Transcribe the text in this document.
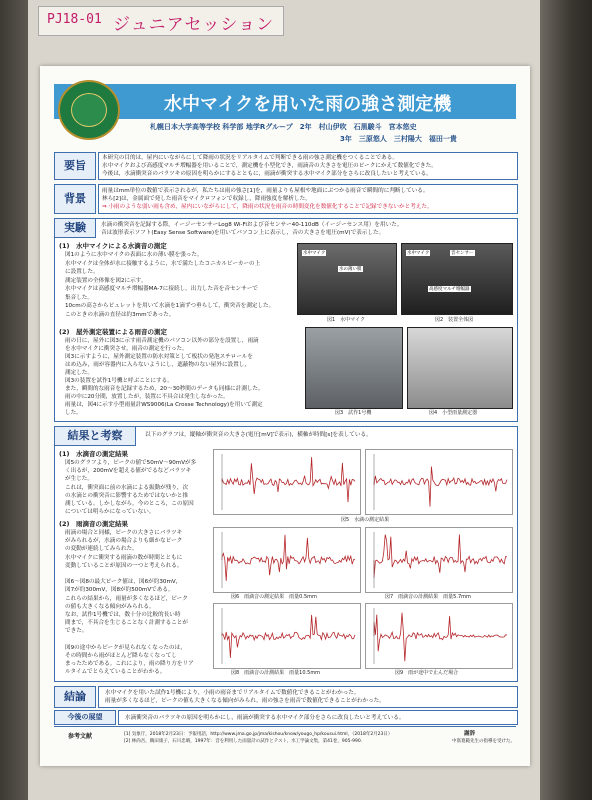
PJ18-01 ジュニアセッション
水中マイクを用いた雨の強さ測定機
札幌日本大学高等学校 科学部 地学Rグループ　2年　村山伊吹　石黒駿斗　宮本悠史
3年　三原悠人　三村陽大　福田一貴
要旨
本研究の目的は，屋内にいながらにして降雨の状況をリアルタイムで判断できる雨の強さ測定機をつくることである。
水中マイクおよび高感度マルチ増幅器を用いることで，測定機を小型化でき，雨滴音の大きさを電圧のピークにかえて数値化できた。
今後は，水滴衝突音のパラツキの原因を明らかにするとともに，雨滴が衝突する水中マイク部分をさらに改良したいと考えている。
背景
雨量はmm単位の数値で表示されるが，私たちは雨の強さ[1]を，雨量よりも屋根や地面にぶつかる雨音で瞬間的に判断している。
林ら[2]は，金属面で発した雨音をマイクロフォンで収録し，降雨強度を解析した。
⇒ 小雨のような弱い雨も含め，屋内にいながらにして，降雨の状況を雨音の時間変化を数値化することで記録できないかと考えた。
実験	水滴の衝突音を記録する際，イージーセンサーLog8 Wi-Fiおよび音センサー40-110dB（イージーセンス用）を用いた。
音は波形表示ソフト(Easy Sense Software)を用いてパソコン上に表示し，音の大きさを電圧(mV)で表示した。
(1)　水中マイクによる水滴音の測定
図1のように水中マイクの表面に水の薄い膜を張った。
水中マイクは全体が水に接触するように，水で満たしたコニカルビーカーの上
に設置した。
測定装置の全体像を図2に示す。
水中マイクは高感度マルチ増幅器MA-7に接続し，出力した音を音センサーで
集音した。
10cmの高さからピュレットを用いて水滴を1滴ずつ垂らして，衝突音を測定した。
このときの水滴の直径は約3mmであった。
(2)　屋外測定装置による雨音の測定
雨の日に，屋外に図3に示す雨音測定機のパソコン以外の部分を設置し，雨滴
を水中マイクに衝突させ，雨音の測定を行った。
図3に示すように，屋外測定装置の防水対策として板状の発泡スチロールを
はめ込み，雨が容器内に入らないようにし，遮蔽物のない屋外に設置し，
測定した。
図3の装置を試作1号機と呼ぶことにする。
また，瞬間的な雨音を記録するため，20〜30秒間のデータも同様に計測した。
雨の中に20分間，放置したが，装置に不具合は発生しなかった。
雨量は，図4に示す小型雨量計WS9006(La Crosse Technology)を用いて測定
した。
水中マイク
水の薄い膜
図1　水中マイク
水中マイク	音センサー
高感度マルチ増幅器
図2　装置全体図
図3　試作1号機	図4　小型雨量測定器
結果と考察	以下のグラフは，縦軸が衝突音の大きさ(電圧[mV]で表示)，横軸が時間[s]を表している。
(1)　水滴音の測定結果
図5のグラフより，ピークの値で50mV〜90mVが多
く出るが，200mVを超える値がでるなどバラツキ
が生じた。
これは，衝突面に前の水滴による振動が残り，次
の水滴との衝突音に影響するためではないかと推
測している。しかしながら，今のところ，この原因
については明らかになっていない。
(2)　雨滴音の測定結果
雨滴の場合と同様，ピークの大きさにバラツキ
がみられるが，水滴の場合よりも細かなピーク
の変動が連続してみられた。
水中マイクに衝突する雨滴の数が時間とともに
変動していることが原因の一つと考えられる。
図6〜図8の最大ピーク値は，図6が約30mV，
図7が約300mV，図8が約500mVである。
これらの結果から，雨量が多くなるほど，ピーク
の値も大きくなる傾向がみられる。
なお，試作1号機では，数十分の比較的長い時
間まで，不具合を生じることなく計測することが
できた。
図9の途中からピークが見られなくなったのは，
その時間から雨がほとんど降らなくなってし
まったためである。これにより，雨の降り方をリア
ルタイムでとらえていることがわかる。
図5　水滴の測定結果
図6　雨滴音の測定結果　雨量0.5mm	図7　雨滴音の計測結果　雨量5.7mm
図8　雨滴音の計測結果　雨量10.5mm	図9　雨が途中で止んだ場合
結論	水中マイクを用いた試作1号機により，小雨の雨音までリアルタイムで数値化できることがわかった。
雨量が多くなるほど，ピークの値も大きくなる傾向がみられ，雨の強さを雨音で数値化できることがわかった。
今後の展望	水滴衝突音のバラツキの原因を明らかにし，雨滴が衝突する水中マイク部分をさらに改良したいと考えている。
参考文献	[1] 気象庁，2018年2月23日：予報用語，http://www.jma.go.jp/jma/kishou/know/yougo_hp/kousui.html，（2018年2月23日）
[2] 林尚吾，鵜田康子，石川忠晴，1997年：音を利用した雨量計の試作とテスト，水工学論文集，第41巻，905-990.
謝辞
中嶌寛範先生の指導を受けた。
